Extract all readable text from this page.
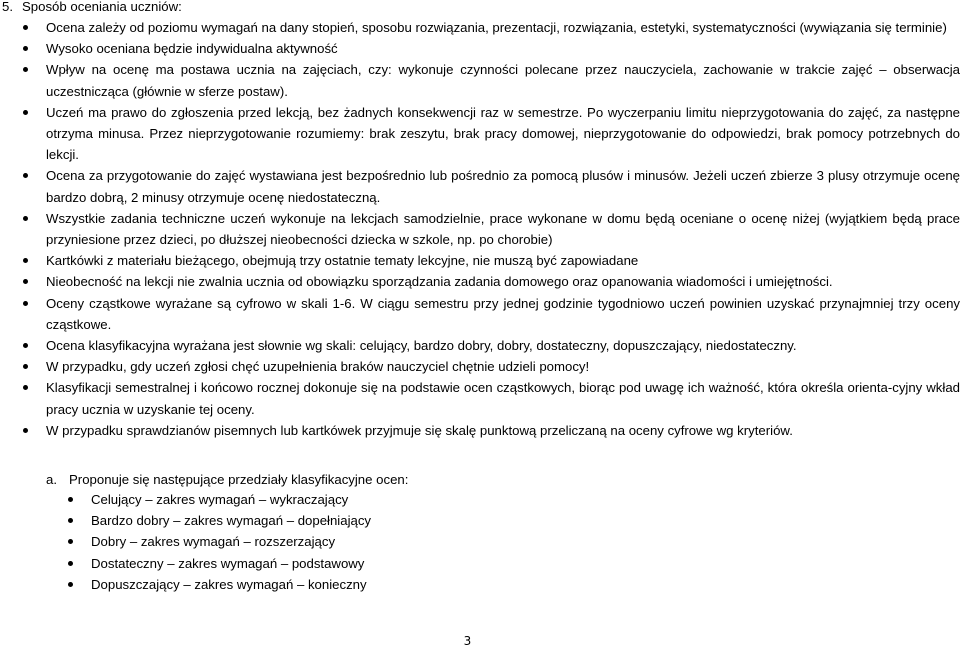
5. Sposób oceniania uczniów:
Ocena zależy od poziomu wymagań na dany stopień, sposobu rozwiązania, prezentacji, rozwiązania, estetyki, systematyczności (wywiązania się terminie)
Wysoko oceniana będzie indywidualna aktywność
Wpływ na ocenę ma postawa ucznia na zajęciach, czy: wykonuje czynności polecane przez nauczyciela, zachowanie w trakcie zajęć – obserwacja uczestnicząca (głównie w sferze postaw).
Uczeń ma prawo do zgłoszenia przed lekcją, bez żadnych konsekwencji raz w semestrze. Po wyczerpaniu limitu nieprzygotowania do zajęć, za następne otrzyma minusa. Przez nieprzygotowanie rozumiemy: brak zeszytu, brak pracy domowej, nieprzygotowanie do odpowiedzi, brak pomocy potrzebnych do lekcji.
Ocena za przygotowanie do zajęć wystawiana jest bezpośrednio lub pośrednio za pomocą plusów i minusów. Jeżeli uczeń zbierze 3 plusy otrzymuje ocenę bardzo dobrą, 2 minusy otrzymuje ocenę niedostateczną.
Wszystkie zadania techniczne uczeń wykonuje na lekcjach samodzielnie, prace wykonane w domu będą oceniane o ocenę niżej (wyjątkiem będą prace przyniesione przez dzieci, po dłuższej nieobecności dziecka w szkole, np. po chorobie)
Kartkówki z materiału bieżącego, obejmują trzy ostatnie tematy lekcyjne, nie muszą być zapowiadane
Nieobecność na lekcji nie zwalnia ucznia od obowiązku sporządzania zadania domowego oraz opanowania wiadomości i umiejętności.
Oceny cząstkowe wyrażane są cyfrowo w skali 1-6. W ciągu semestru przy jednej godzinie tygodniowo uczeń powinien uzyskać przynajmniej trzy oceny cząstkowe.
Ocena klasyfikacyjna wyrażana jest słownie wg skali: celujący, bardzo dobry, dobry, dostateczny, dopuszczający, niedostateczny.
W przypadku, gdy uczeń zgłosi chęć uzupełnienia braków nauczyciel chętnie udzieli pomocy!
Klasyfikacji semestralnej i końcowo rocznej dokonuje się na podstawie ocen cząstkowych, biorąc pod uwagę ich ważność, która określa orienta-cyjny wkład pracy ucznia w uzyskanie tej oceny.
W przypadku sprawdzianów pisemnych lub kartkówek przyjmuje się skalę punktową przeliczaną na oceny cyfrowe wg kryteriów.
a. Proponuje się następujące przedziały klasyfikacyjne ocen:
Celujący – zakres wymagań – wykraczający
Bardzo dobry – zakres wymagań – dopełniający
Dobry – zakres wymagań – rozszerzający
Dostateczny – zakres wymagań – podstawowy
Dopuszczający – zakres wymagań – konieczny
3
